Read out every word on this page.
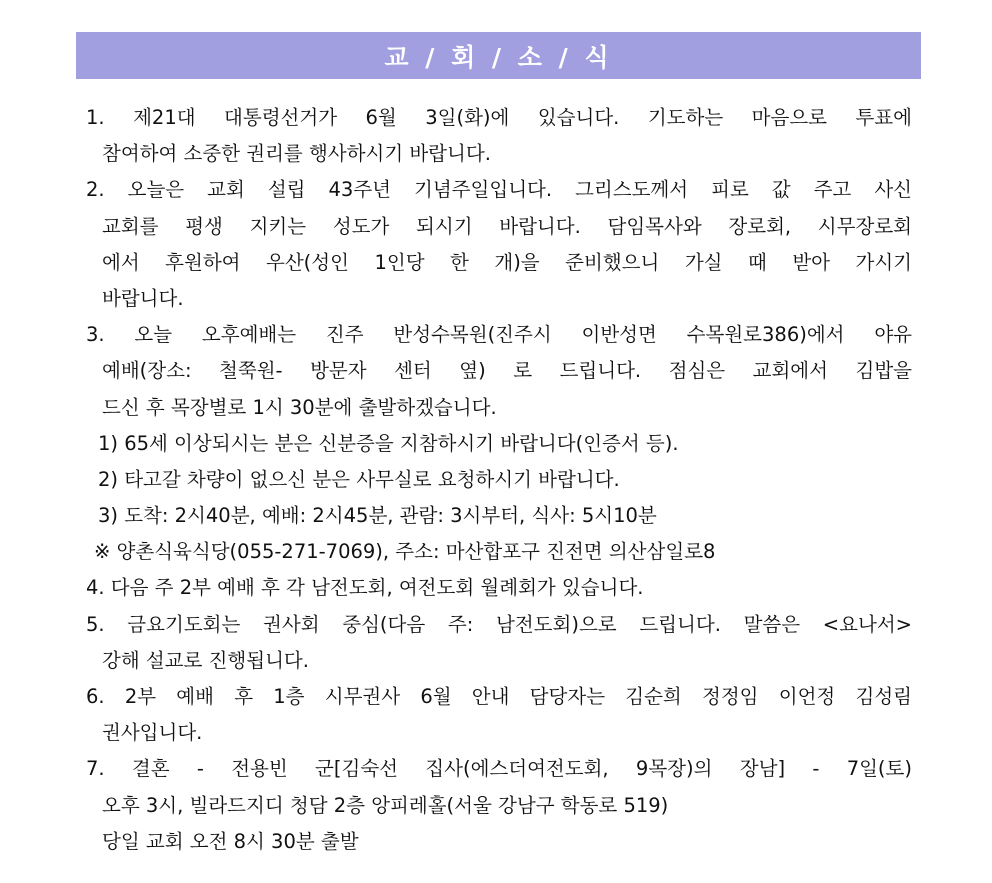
교 / 회 / 소 / 식
1. 제21대 대통령선거가 6월 3일(화)에 있습니다. 기도하는 마음으로 투표에
참여하여 소중한 권리를 행사하시기 바랍니다.
2. 오늘은 교회 설립 43주년 기념주일입니다. 그리스도께서 피로 값 주고 사신
교회를 평생 지키는 성도가 되시기 바랍니다. 담임목사와 장로회, 시무장로회
에서 후원하여 우산(성인 1인당 한 개)을 준비했으니 가실 때 받아 가시기
바랍니다.
3. 오늘 오후예배는 진주 반성수목원(진주시 이반성면 수목원로386)에서 야유
예배(장소: 철쭉원- 방문자 센터 옆) 로 드립니다. 점심은 교회에서 김밥을
드신 후 목장별로 1시 30분에 출발하겠습니다.
1) 65세 이상되시는 분은 신분증을 지참하시기 바랍니다(인증서 등).
2) 타고갈 차량이 없으신 분은 사무실로 요청하시기 바랍니다.
3) 도착: 2시40분, 예배: 2시45분, 관람: 3시부터, 식사: 5시10분
※ 양촌식육식당(055-271-7069), 주소: 마산합포구 진전면 의산삼일로8
4. 다음 주 2부 예배 후 각 남전도회, 여전도회 월례회가 있습니다.
5. 금요기도회는 권사회 중심(다음 주: 남전도회)으로 드립니다. 말씀은 <요나서>
강해 설교로 진행됩니다.
6. 2부 예배 후 1층 시무권사 6월 안내 담당자는 김순희 정정임 이언정 김성림
권사입니다.
7. 결혼 - 전용빈 군[김숙선 집사(에스더여전도회, 9목장)의 장남] - 7일(토)
오후 3시, 빌라드지디 청담 2층 앙피레홀(서울 강남구 학동로 519)
당일 교회 오전 8시 30분 출발
